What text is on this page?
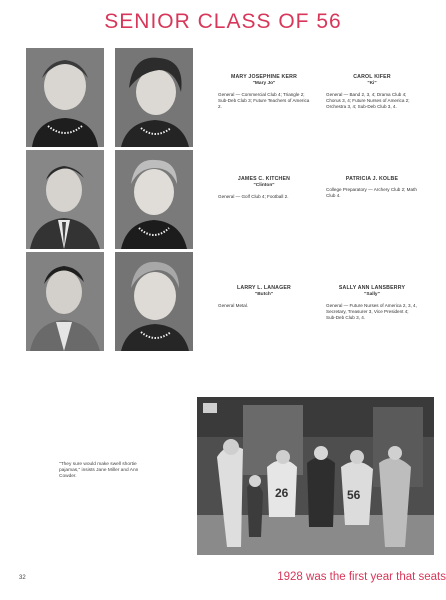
SENIOR CLASS OF 56
MARY JOSEPHINE KERR
"Mary Jo"
General — Commercial Club 4; Triangle 2; Sub-Deb Club 3; Future Teachers of America 2.
CAROL KIFER
"Ki"
General — Band 2, 3, 4; Drama Club 4; Chorus 3, 4; Future Nurses of America 2; Orchestra 3, 4; Sub-Deb Club 3, 4.
JAMES C. KITCHEN
"Clinton"
General — Golf Club 4; Football 2.
PATRICIA J. KOLBE
College Preparatory — Archery Club 2; Math Club 4.
LARRY L. LANAGER
"Butch"
General Metal.
SALLY ANN LANSBERRY
"Sally"
General — Future Nurses of America 2, 3, 4, Secretary, Treasurer 3, Vice President 4; Sub-Deb Club 3, 4.
"They sure would make swell shortie pajamas," insists Jane Miller and Ann Cowder.
26	56
32	1928 was the first year that seats
